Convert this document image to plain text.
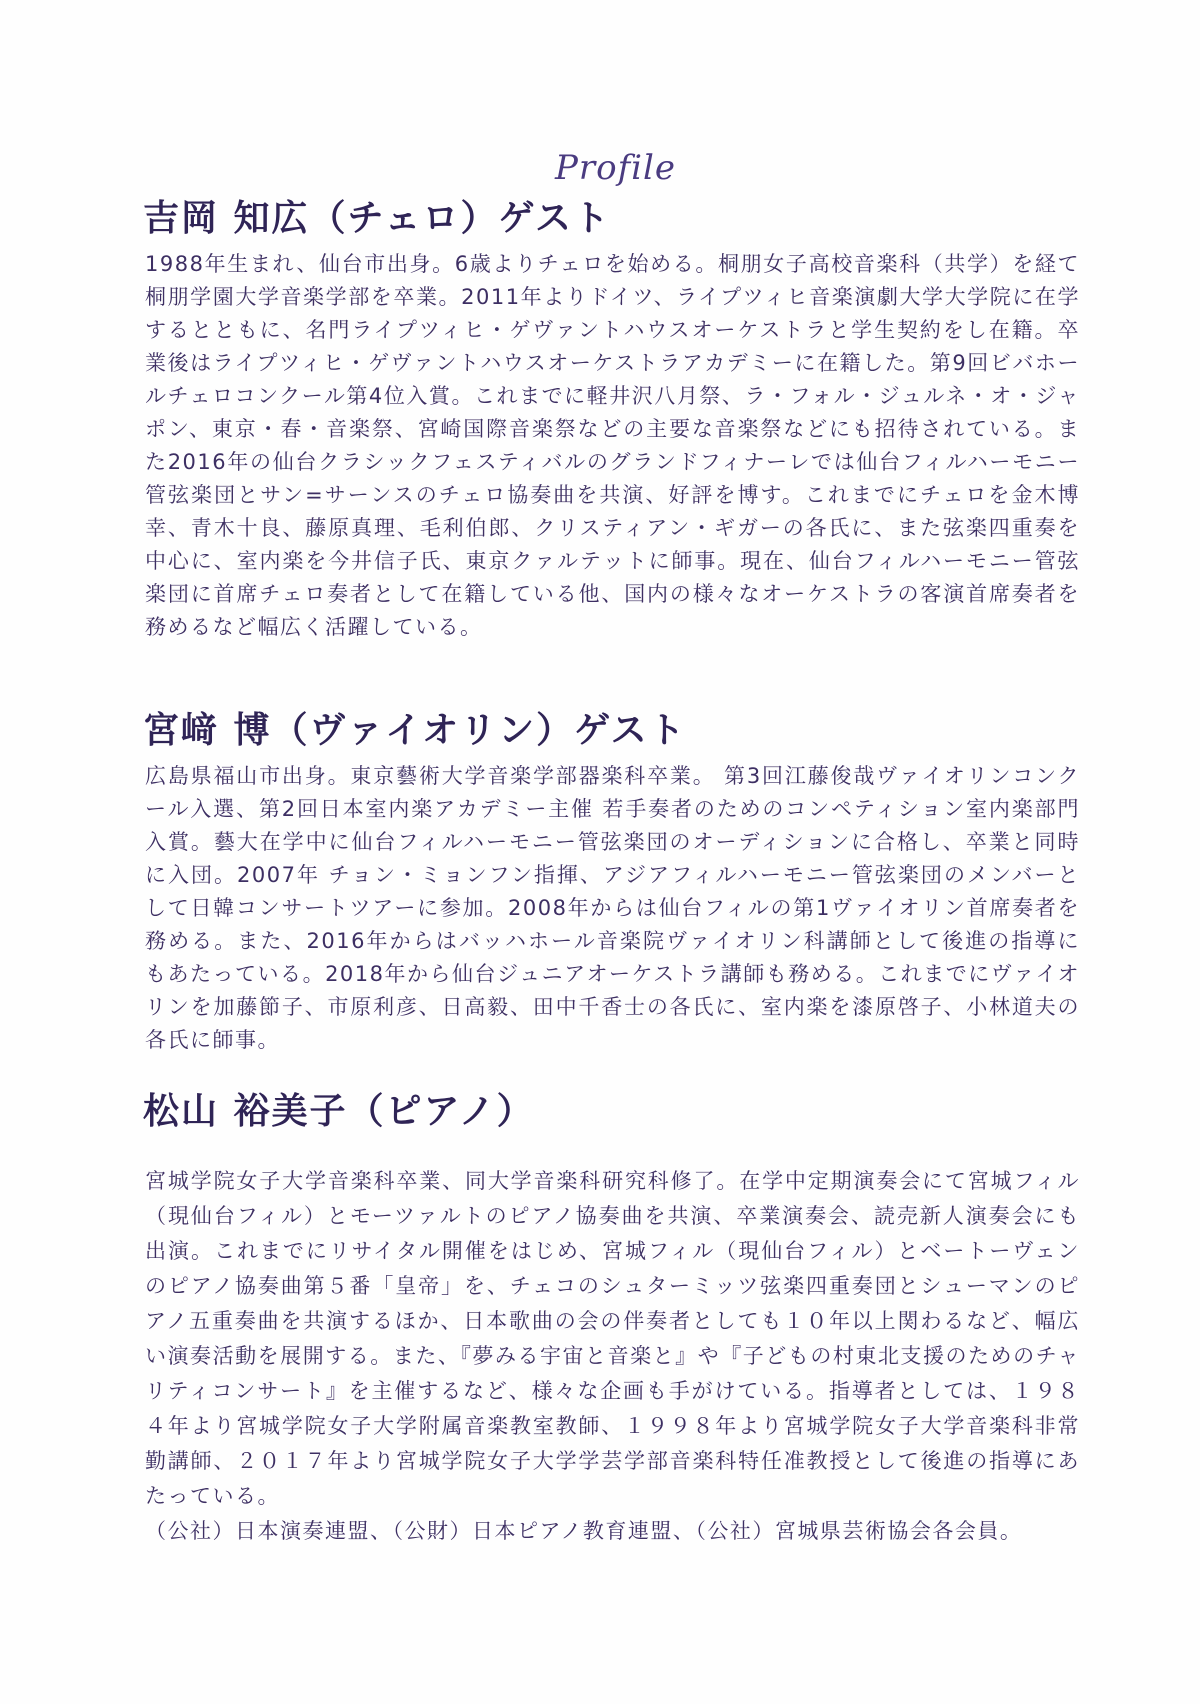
Profile
吉岡 知広（チェロ）ゲスト

1988年生まれ、仙台市出身。6歳よりチェロを始める。桐朋女子高校音楽科（共学）を経て桐朋学園大学音楽学部を卒業。2011年よりドイツ、ライプツィヒ音楽演劇大学大学院に在学するとともに、名門ライプツィヒ・ゲヴァントハウスオーケストラと学生契約をし在籍。卒業後はライプツィヒ・ゲヴァントハウスオーケストラアカデミーに在籍した。第9回ビバホールチェロコンクール第4位入賞。これまでに軽井沢八月祭、ラ・フォル・ジュルネ・オ・ジャポン、東京・春・音楽祭、宮崎国際音楽祭などの主要な音楽祭などにも招待されている。また2016年の仙台クラシックフェスティバルのグランドフィナーレでは仙台フィルハーモニー管弦楽団とサン=サーンスのチェロ協奏曲を共演、好評を博す。これまでにチェロを金木博幸、青木十良、藤原真理、毛利伯郎、クリスティアン・ギガーの各氏に、また弦楽四重奏を中心に、室内楽を今井信子氏、東京クァルテットに師事。現在、仙台フィルハーモニー管弦楽団に首席チェロ奏者として在籍している他、国内の様々なオーケストラの客演首席奏者を務めるなど幅広く活躍している。

宮﨑 博（ヴァイオリン）ゲスト

広島県福山市出身。東京藝術大学音楽学部器楽科卒業。 第3回江藤俊哉ヴァイオリンコンクール入選、第2回日本室内楽アカデミー主催 若手奏者のためのコンペティション室内楽部門入賞。藝大在学中に仙台フィルハーモニー管弦楽団のオーディションに合格し、卒業と同時に入団。2007年 チョン・ミョンフン指揮、アジアフィルハーモニー管弦楽団のメンバーとして日韓コンサートツアーに参加。2008年からは仙台フィルの第1ヴァイオリン首席奏者を務める。また、2016年からはバッハホール音楽院ヴァイオリン科講師として後進の指導にもあたっている。2018年から仙台ジュニアオーケストラ講師も務める。これまでにヴァイオリンを加藤節子、市原利彦、日高毅、田中千香士の各氏に、室内楽を漆原啓子、小林道夫の各氏に師事。

松山 裕美子（ピアノ）
宮城学院女子大学音楽科卒業、同大学音楽科研究科修了。在学中定期演奏会にて宮城フィル（現仙台フィル）とモーツァルトのピアノ協奏曲を共演、卒業演奏会、読売新人演奏会にも出演。これまでにリサイタル開催をはじめ、宮城フィル（現仙台フィル）とベートーヴェンのピアノ協奏曲第５番「皇帝」を、チェコのシュターミッツ弦楽四重奏団とシューマンのピアノ五重奏曲を共演するほか、日本歌曲の会の伴奏者としても１０年以上関わるなど、幅広い演奏活動を展開する。また、『夢みる宇宙と音楽と』や『子どもの村東北支援のためのチャリティコンサート』を主催するなど、様々な企画も手がけている。指導者としては、１９８４年より宮城学院女子大学附属音楽教室教師、１９９８年より宮城学院女子大学音楽科非常勤講師、２０１７年より宮城学院女子大学学芸学部音楽科特任准教授として後進の指導にあたっている。
（公社）日本演奏連盟、（公財）日本ピアノ教育連盟、（公社）宮城県芸術協会各会員。
